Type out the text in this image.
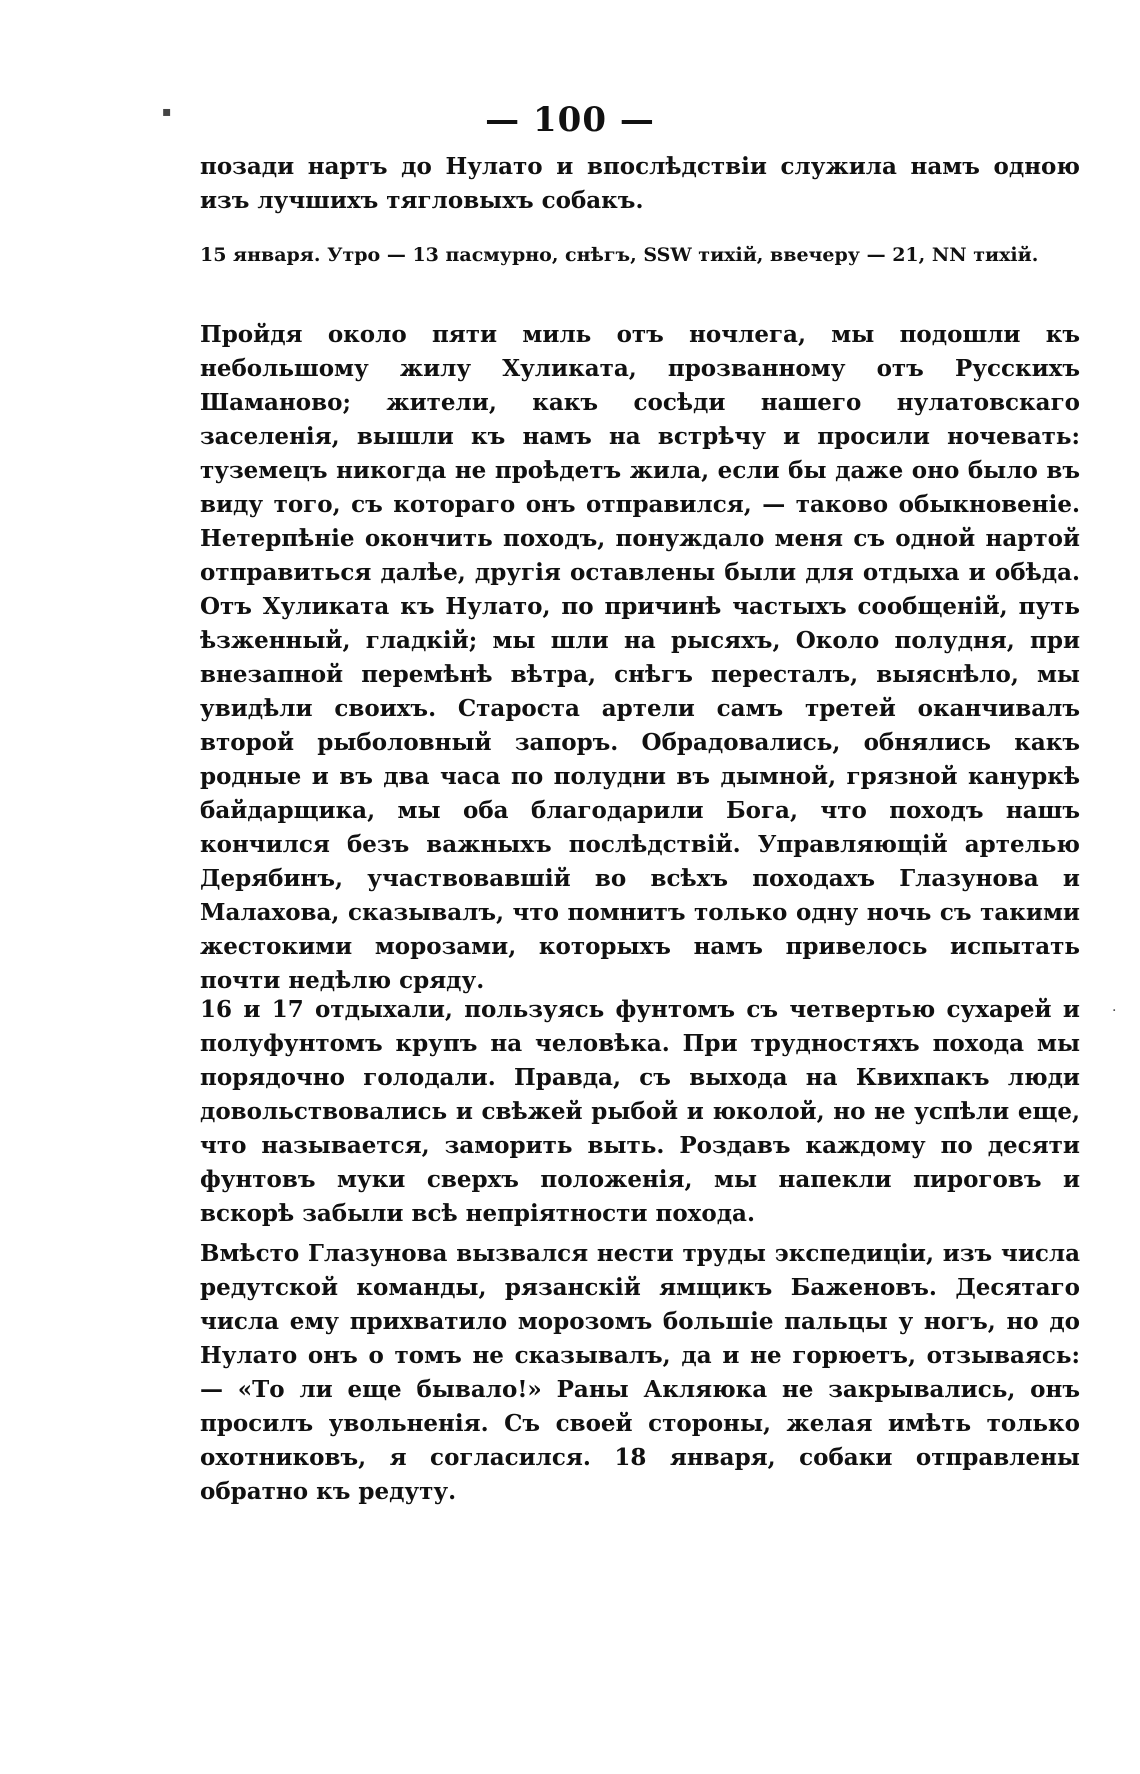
▪	— 100 —

позади нартъ до Нулато и впослѣдствіи служила намъ одною изъ лучшихъ тягловыхъ собакъ.

15 января. Утро — 13 пасмурно, снѣгъ, SSW тихій, ввечеру — 21, NN тихій.

Пройдя около пяти миль отъ ночлега, мы подошли къ небольшому жилу Хуликата, прозванному отъ Русскихъ Шаманово; жители, какъ сосѣди нашего нулатовскаго заселенія, вышли къ намъ на встрѣчу и просили ночевать: туземецъ никогда не проѣдетъ жила, если бы даже оно было въ виду того, съ котораго онъ отправился, — таково обыкновеніе. Нетерпѣніе окончить походъ, понуждало меня съ одной нартой отправиться далѣе, другія оставлены были для отдыха и обѣда. Отъ Хуликата къ Нулато, по причинѣ частыхъ сообщеній, путь ѣзженный, гладкій; мы шли на рысяхъ, Около полудня, при внезапной перемѣнѣ вѣтра, снѣгъ пересталъ, выяснѣло, мы увидѣли своихъ. Староста артели самъ третей оканчивалъ второй рыболовный запоръ. Обрадовались, обнялись какъ родные и въ два часа по полудни въ дымной, грязной кануркѣ байдарщика, мы оба благодарили Бога, что походъ нашъ кончился безъ важныхъ послѣдствій. Управляющій артелью Дерябинъ, участвовавшій во всѣхъ походахъ Глазунова и Малахова, сказывалъ, что помнитъ только одну ночь съ такими жестокими морозами, которыхъ намъ привелось испытать почти недѣлю сряду.

·

16 и 17 отдыхали, пользуясь фунтомъ съ четвертью сухарей и полуфунтомъ крупъ на человѣка. При трудностяхъ похода мы порядочно голодали. Правда, съ выхода на Квихпакъ люди довольствовались и свѣжей рыбой и юколой, но не успѣли еще, что называется, заморить выть. Роздавъ каждому по десяти фунтовъ муки сверхъ положенія, мы напекли пироговъ и вскорѣ забыли всѣ непріятности похода.

Вмѣсто Глазунова вызвался нести труды экспедиціи, изъ числа редутской команды, рязанскій ямщикъ Баженовъ. Десятаго числа ему прихватило морозомъ большіе пальцы у ногъ, но до Нулато онъ о томъ не сказывалъ, да и не горюетъ, отзываясь: — «То ли еще бывало!» Раны Акляюка не закрывались, онъ просилъ увольненія. Съ своей стороны, желая имѣть только охотниковъ, я согласился. 18 января, собаки отправлены обратно къ редуту.
